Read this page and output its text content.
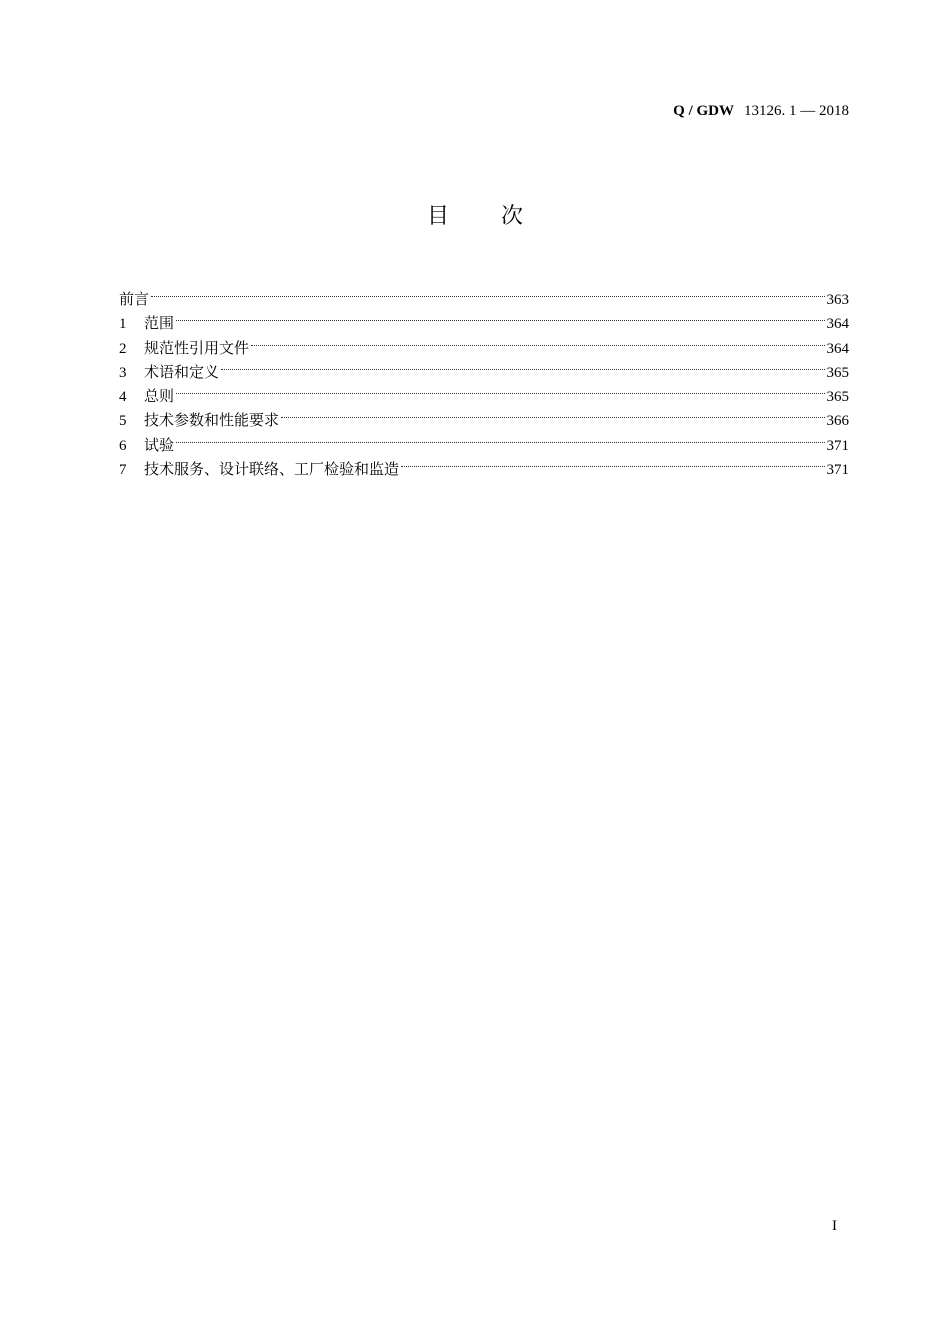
Q / GDW 13126. 1 — 2018
目次
前言	363
1	范围	364
2	规范性引用文件	364
3	术语和定义	365
4	总则	365
5	技术参数和性能要求	366
6	试验	371
7	技术服务、设计联络、工厂检验和监造	371
I
